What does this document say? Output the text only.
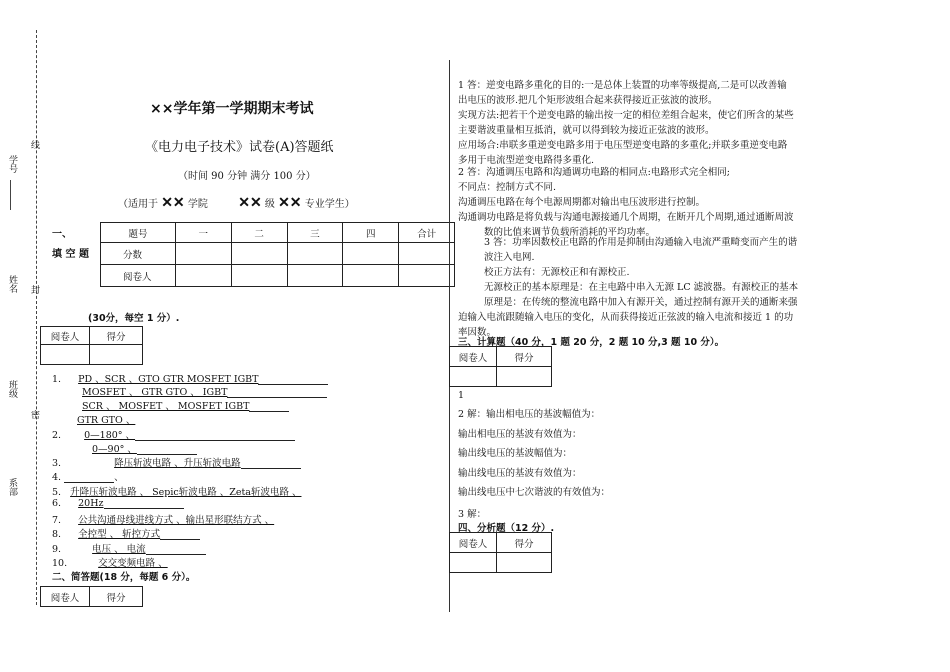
学号
线
姓名 封
班级
密
系部
××学年第一学期期末考试
《电力电子技术》试卷(A)答题纸
（时间 90 分钟 满分 100 分）
（适用于 ✕✕ 学院 ✕✕ 级 ✕✕ 专业学生）
一、
填 空 题
题号	一	二	三	四	合计
分数					
阅卷人					
(30分，每空 1 分）.
阅卷人	得分

1. PD 、SCR 、GTO GTR MOSFET IGBT
MOSFET 、 GTR GTO 、 IGBT
SCR 、 MOSFET 、 MOSFET IGBT
GTR GTO 、
2. 0—180° 、
0—90° 、
3.	降压斩波电路 、升压斩波电路
4.	、
5. 升降压斩波电路 、 Sepic斩波电路 、Zeta斩波电路 、
6. 20Hz
7. 公共沟通母线进线方式 、输出星形联结方式 、
8. 全控型 、 斩控方式
9.	电压 、 电流
10.	交交变频电路 、
二、简答题(18 分，每题 6 分）。
阅卷人	得分
1 答：逆变电路多重化的目的:一是总体上装置的功率等级提高,二是可以改善输
出电压的波形.把几个矩形波组合起来获得接近正弦波的波形。
实现方法:把若干个逆变电路的输出按一定的相位差组合起来，使它们所含的某些
主要谐波重量相互抵消，就可以得到较为接近正弦波的波形。
应用场合:串联多重逆变电路多用于电压型逆变电路的多重化;并联多重逆变电路
多用于电流型逆变电路得多重化.
2 答：沟通调压电路和沟通调功电路的相同点:电路形式完全相同;
不同点：控制方式不同.
沟通调压电路在每个电源周期都对输出电压波形进行控制。
沟通调功电路是将负载与沟通电源接通几个周期，在断开几个周期,通过通断周波
数的比值来调节负载所消耗的平均功率。
3 答：功率因数校正电路的作用是抑制由沟通输入电流严重畸变而产生的谐
波注入电网.
校正方法有：无源校正和有源校正.
无源校正的基本原理是：在主电路中串入无源 LC 滤波器。有源校正的基本
原理是：在传统的整流电路中加入有源开关，通过控制有源开关的通断来强
迫输入电流跟随输入电压的变化，从而获得接近正弦波的输入电流和接近 1 的功
率因数。
三、计算题（40 分，1 题 20 分，2 题 10 分,3 题 10 分）。
阅卷人	得分

1
2 解：输出相电压的基波幅值为：
输出相电压的基波有效值为：
输出线电压的基波幅值为：
输出线电压的基波有效值为：
输出线电压中七次谐波的有效值为：
3 解：
四、分析题（12 分）.
阅卷人	得分
